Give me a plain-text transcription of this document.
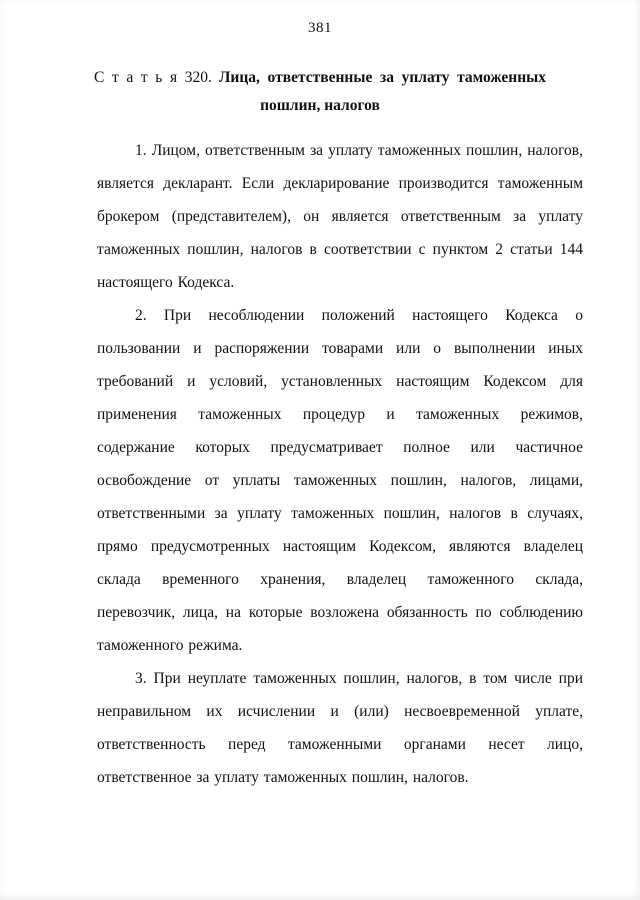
381
С т а т ь я 320. Лица, ответственные за уплату таможенных пошлин, налогов

1. Лицом, ответственным за уплату таможенных пошлин, налогов, является декларант. Если декларирование производится таможенным брокером (представителем), он является ответственным за уплату таможенных пошлин, налогов в соответствии с пунктом 2 статьи 144 настоящего Кодекса.

2. При несоблюдении положений настоящего Кодекса о пользовании и распоряжении товарами или о выполнении иных требований и условий, установленных настоящим Кодексом для применения таможенных процедур и таможенных режимов, содержание которых предусматривает полное или частичное освобождение от уплаты таможенных пошлин, налогов, лицами, ответственными за уплату таможенных пошлин, налогов в случаях, прямо предусмотренных настоящим Кодексом, являются владелец склада временного хранения, владелец таможенного склада, перевозчик, лица, на которые возложена обязанность по соблюдению таможенного режима.

3. При неуплате таможенных пошлин, налогов, в том числе при неправильном их исчислении и (или) несвоевременной уплате, ответственность перед таможенными органами несет лицо, ответственное за уплату таможенных пошлин, налогов.
